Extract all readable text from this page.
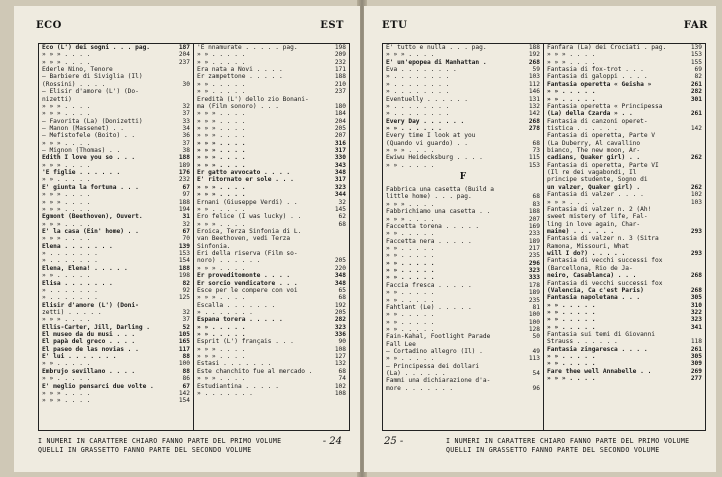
ECO	EST
Eco (L') dei sogni . . . pag.	187
» » » . . . .	204
» » » . . . .	237
Ederle Nino, Tenore
— Barbiere di Siviglia (Il)
(Rossini) . . . .	30
— Elisir d'amore (L') (Do-
nizetti)
» » » . . . .	32
» » » . . . .	37
— Favorita (La) (Donizetti)	33
— Manon (Massenet) . .	34
— Mefistofele (Boito) . .	36
» » » . . . .	37
— Mignon (Thomas) . .	38
Edith I love you so . . .	188
» » » . . . .	189
'E figlie . . . . . .	176
» » . . . . .	232
E' giunta la fortuna . . .	67
» » » . . . .	97
» » » . . . .	188
» » » . . . .	194
Egmont (Beethoven), Ouvert.	31
» » » . . . .	32
E' la casa (Ein' home) . .	67
» » » . . . .	70
Elena . . . . . . .	139
» . . . . . . .	153
» . . . . . . .	154
Elena, Elena! . . . . .	188
» » . . . . .	198
Elisa . . . . . . .	82
» . . . . . . .	92
» . . . . . . .	125
Elisir d'amore (L') (Doni-
zetti) . . . . .	32
» » » . . . .	37
Ellis-Carter, Jill, Darling .	52
El museo da du musi . . .	105
El papà del greco . . . .	165
El paseo de las novias . .	117
E' lui . . . . . . .	88
» » . . . . .	100
Embrujo sevillano . . . .	88
» » . . . . .	86
E' meglio pensarci due volte .	67
» » » . . . .	142
» » » . . . .	154
'E nnamurate . . . . . pag.	198
» » . . . . .	209
» » . . . . .	232
Era nata a Novi . . . .	171
Er zampettone . . . . .	188
» » . . . . .	210
» » . . . . .	237
Eredità (L') dello zio Bonani-
ma (Film sonoro) . . .	180
» » » . . . .	184
» » » . . . .	204
» » » . . . .	205
» » » . . . .	207
» » » . . . .	316
» » » . . . .	317
» » » . . . .	330
» » » . . . .	343
Er gatto avvocato . . . .	348
E' ritornato er sole . . .	317
» » » . . . .	323
» » » . . . .	344
Ernani (Giuseppe Verdi) . .	32
» » . . . . .	145
Ero felice (I was lucky) . .	62
» » » . . . .	68
Eroica, Terza Sinfonia di L.
van Beethoven, vedi Terza
Sinfonia.
Eri della riserva (Film so-
noro) . . . . . .	205
» » » . . . .	220
Er proveditomonte . . . .	348
Er sorcio vendicatore . . .	348
Esce per le compere con voi	65
» » » . . . .	68
Escalla . . . . . . .	192
» . . . . . . .	205
Espana torera . . . . .	282
» » . . . . .	323
» » . . . . .	336
Esprit (L') français . . .	90
» » » . . . .	108
» » » . . . .	127
Estasi . . . . . . .	132
Este chanchito fue al mercado .	68
» » » . . . .	74
Estudiantina . . . . .	102
» . . . . . . .	108
I NUMERI IN CARATTERE CHIARO FANNO PARTE DEL PRIMO VOLUME
QUELLI IN GRASSETTO FANNO PARTE DEL SECONDO VOLUME
- 24
ETU	FAR
E' tutto e nulla . . . pag.	188
» » » . . . .	192
E' un'epopea di Manhattan .	268
Eva . . . . . . . .	59
» . . . . . . . .	103
» . . . . . . . .	112
» . . . . . . . .	146
Eventuelly . . . . . .	131
» . . . . . . . .	132
» . . . . . . . .	142
Every Day . . . . . .	268
» » . . . . . .	278
Every time I look at you
(Quando vi guardo) . .	68
» » » . . . .	73
Ewiwu Heidecksburg . . . .	115
» » . . . . .	153
F
Fabbrica una casetta (Build a
little home) . . . pag.	68
» » » . . . .	83
Fabbrichiamo una casetta . .	188
» » » . . . .	207
Faccetta torena . . . . .	169
» » . . . . .	233
Faccetta nera . . . . .	189
» » . . . . .	217
» » . . . . .	235
» » . . . . .	296
» » . . . . .	323
» » . . . . .	333
Faccia fresca . . . . .	178
» » . . . . .	189
» » . . . . .	235
Fahtlant (Le) . . . . .	81
» » . . . . .	100
» » . . . . .	100
» » . . . . .	128
Fain-Kahal, Footlight Parade	50
Fall Lee
— Cortadino allegro (Il) .	49
» » . . . . .	113
— Principessa dei dollari
(La) . . . . . .	54
Fammi una dichiarazione d'a-
more . . . . . . .	96
Fanfara (La) dei Crociati . pag.	139
» » » . . . .	153
» » » . . . .	155
Fantasia di fox-trot . . .	69
Fantasia di galoppi . . . .	82
Fantasia operetta « Geisha »	261
» » . . . . .	282
» » . . . . .	301
Fantasia operetta « Principessa
(La) della Czarda » . .	261
Fantasia di canzoni operet-
tistica . . . . . .	142
Fantasia di operetta, Parte V
(La Duberry, Al cavallino
bianco, The new moon, Ar-
cadians, Quaker girl) . .	262
Fantasia di operetta, Parte VI
(Il re dei vagabondi, Il
principe studente, Sogno di
un valzer, Quaker girl) .	262
Fantasia di valzer . . . .	102
» » » . . . .	103
Fantasia di valzer n. 2 (Ah!
sweet mistery of life, Fal-
ling in love again, Char-
maine) . . . . . .	293
Fantasia di valzer n. 3 (Sitra
Ramona, Missouri, What
will I do?) . . . . .	293
Fantasia di vecchi successi fox
(Barcellona, Rio de Ja-
neiro, Casablanca) . . .	268
Fantasia di vecchi successi fox
(Valencia, Ca c'est Paris)	268
Fantasia napoletana . . .	305
» » . . . . .	310
» » . . . . .	322
» » . . . . .	323
» » . . . . .	341
Fantasia sui temi di Giovanni
Strauss . . . . . .	118
Fantasia zingaresca . . . .	261
» » . . . . .	305
» » . . . . .	309
Fare thee well Annabelle . .	269
» » » . . . .	277
25 -	I NUMERI IN CARATTERE CHIARO FANNO PARTE DEL PRIMO VOLUME
QUELLI IN GRASSETTO FANNO PARTE DEL SECONDO VOLUME
